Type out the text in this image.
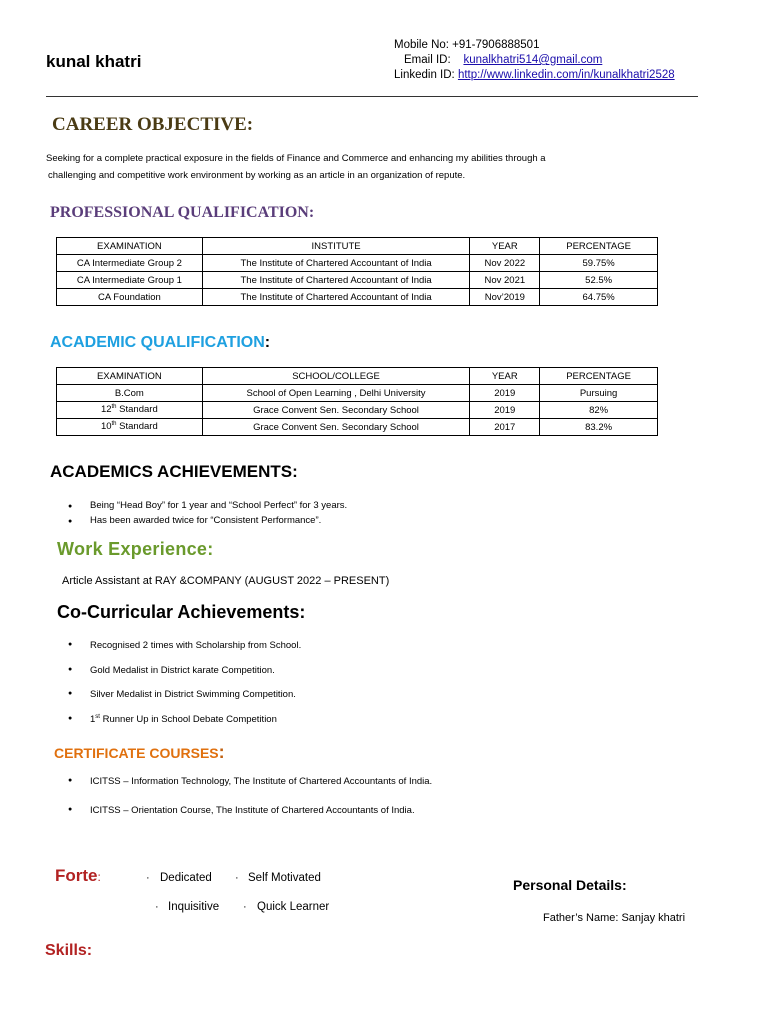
kunal khatri
Mobile No: +91-7906888501
Email ID: kunalkhatri514@gmail.com
Linkedin ID: http://www.linkedin.com/in/kunalkhatri2528
CAREER OBJECTIVE:
Seeking for a complete practical exposure in the fields of Finance and Commerce and enhancing my abilities through a
challenging and competitive work environment by working as an article in an organization of repute.
PROFESSIONAL QUALIFICATION:
EXAMINATION	INSTITUTE	YEAR	PERCENTAGE
CA Intermediate Group 2	The Institute of Chartered Accountant of India	Nov 2022	59.75%
CA Intermediate Group 1	The Institute of Chartered Accountant of India	Nov 2021	52.5%
CA Foundation	The Institute of Chartered Accountant of India	Nov’2019	64.75%
ACADEMIC QUALIFICATION:
EXAMINATION	SCHOOL/COLLEGE	YEAR	PERCENTAGE
B.Com	School of Open Learning , Delhi University	2019	Pursuing
12th Standard	Grace Convent Sen. Secondary School	2019	82%
10th Standard	Grace Convent Sen. Secondary School	2017	83.2%
ACADEMICS ACHIEVEMENTS:
● Being “Head Boy” for 1 year and “School Perfect” for 3 years.
● Has been awarded twice for “Consistent Performance”.
Work Experience:
Article Assistant at RAY &COMPANY (AUGUST 2022 – PRESENT)
Co-Curricular Achievements:
● Recognised 2 times with Scholarship from School.
● Gold Medalist in District karate Competition.
● Silver Medalist in District Swimming Competition.
● 1st Runner Up in School Debate Competition
CERTIFICATE COURSES:
● ICITSS – Information Technology, The Institute of Chartered Accountants of India.
● ICITSS – Orientation Course, The Institute of Chartered Accountants of India.
Forte:	· Dedicated · Self Motivated
· Inquisitive · Quick Learner
Personal Details:
Father’s Name: Sanjay khatri
Skills:
